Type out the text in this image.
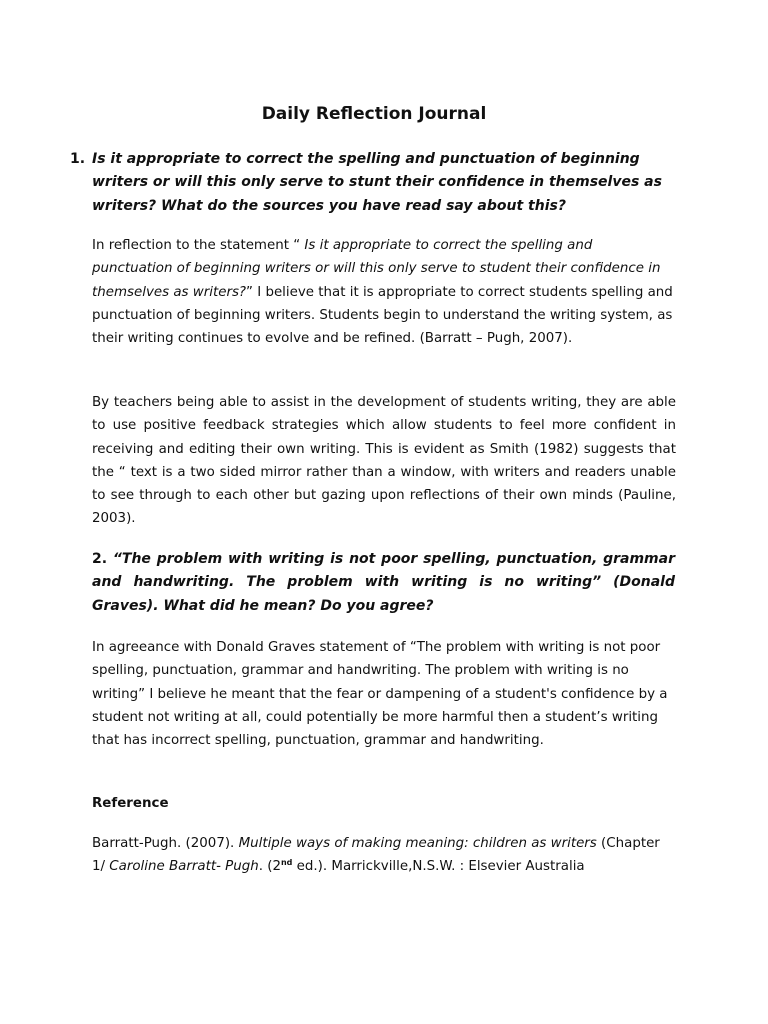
Daily Reflection Journal
1. Is it appropriate to correct the spelling and punctuation of beginning writers or will this only serve to stunt their confidence in themselves as writers? What do the sources you have read say about this?
In reflection to the statement “ Is it appropriate to correct the spelling and punctuation of beginning writers or will this only serve to student their confidence in themselves as writers?” I believe that it is appropriate to correct students spelling and punctuation of beginning writers. Students begin to understand the writing system, as their writing continues to evolve and be refined. (Barratt – Pugh, 2007).
By teachers being able to assist in the development of students writing, they are able to use positive feedback strategies which allow students to feel more confident in receiving and editing their own writing. This is evident as Smith (1982) suggests that the “ text is a two sided mirror rather than a window, with writers and readers unable to see through to each other but gazing upon reflections of their own minds (Pauline, 2003).
2. “The problem with writing is not poor spelling, punctuation, grammar and handwriting. The problem with writing is no writing” (Donald Graves). What did he mean? Do you agree?
In agreeance with Donald Graves statement of “The problem with writing is not poor spelling, punctuation, grammar and handwriting. The problem with writing is no writing” I believe he meant that the fear or dampening of a student's confidence by a student not writing at all, could potentially be more harmful then a student’s writing that has incorrect spelling, punctuation, grammar and handwriting.
Reference
Barratt-Pugh. (2007). Multiple ways of making meaning: children as writers (Chapter 1/ Caroline Barratt- Pugh. (2nd ed.). Marrickville,N.S.W. : Elsevier Australia
